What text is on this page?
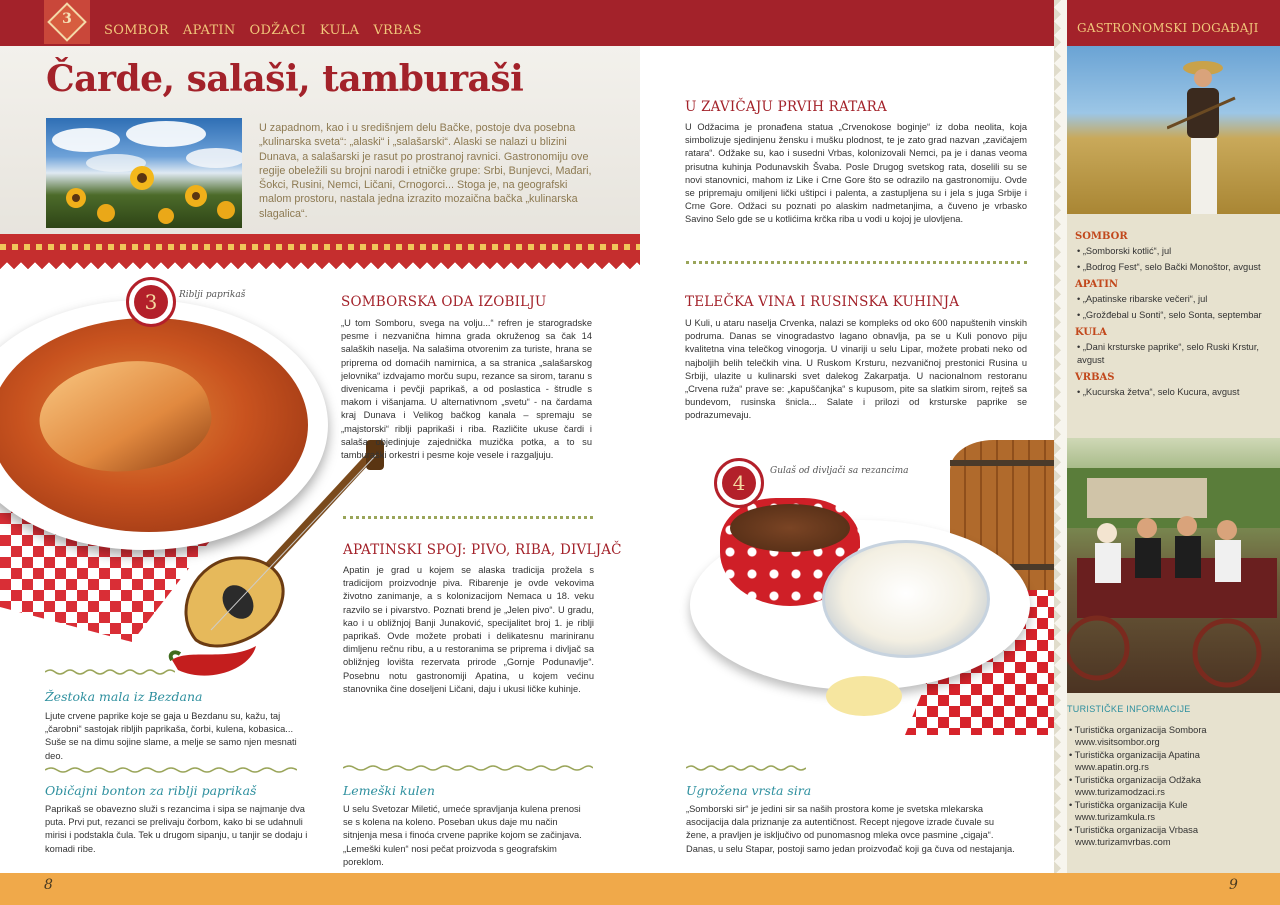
3
SOMBOR APATIN ODŽACI KULA VRBAS
Čarde, salaši, tamburaši

U zapadnom, kao i u središnjem delu Bačke, postoje dva posebna „kulinarska sveta“: „alaski“ i „salašarski“. Alaski se nalazi u blizini Dunava, a salašarski je rasut po prostranoj ravnici. Gastronomiju ove regije obeležili su brojni narodi i etničke grupe: Srbi, Bunjevci, Mađari, Šokci, Rusini, Nemci, Ličani, Crnogorci... Stoga je, na geografski malom prostoru, nastala jedna izrazito mozaična bačka „kulinarska slagalica“.

3	Riblji paprikaš
Žestoka mala iz Bezdana

Ljute crvene paprike koje se gaja u Bezdanu su, kažu, taj „čarobni“ sastojak ribljih paprikaša, čorbi, kulena, kobasica... Suše se na dimu sojine slame, a melje se samo njen mesnati deo.

Običajni bonton za riblji paprikaš

Paprikaš se obavezno služi s rezancima i sipa se najmanje dva puta. Prvi put, rezanci se prelivaju čorbom, kako bi se udahnuli mirisi i podstakla čula. Tek u drugom sipanju, u tanjir se dodaju i komadi ribe.

SOMBORSKA ODA IZOBILJU

„U tom Somboru, svega na volju...“ refren je starogradske pesme i nezvanična himna grada okruženog sa čak 14 salaških naselja. Na salašima otvorenim za turiste, hrana se priprema od domaćih namirnica, a sa stranica „salašarskog jelovnika“ izdvajamo morču supu, rezance sa sirom, taranu s divenicama i pevčji paprikaš, a od poslastica - štrudle s makom i višanjama. U alternativnom „svetu“ - na čardama kraj Dunava i Velikog bačkog kanala – spremaju se „majstorski“ riblji paprikaši i riba. Različite ukuse čardi i salaša objedinjuje zajednička muzička potka, a to su tamburaški orkestri i pesme koje vesele i razgaljuju.

APATINSKI SPOJ: PIVO, RIBA, DIVLJAČ

Apatin je grad u kojem se alaska tradicija prožela s tradicijom proizvodnje piva. Ribarenje je ovde vekovima životno zanimanje, a s kolonizacijom Nemaca u 18. veku razvilo se i pivarstvo. Poznati brend je „Jelen pivo“. U gradu, kao i u obližnjoj Banji Junaković, specijalitet broj 1. je riblji paprikaš. Ovde možete probati i delikatesnu mariniranu dimljenu rečnu ribu, a u restoranima se priprema i divljač sa obližnjeg lovišta rezervata prirode „Gornje Podunavlje“. Posebnu notu gastronomiji Apatina, u kojem većinu stanovnika čine doseljeni Ličani, daju i ukusi ličke kuhinje.

Lemeški kulen

U selu Svetozar Miletić, umeće spravljanja kulena prenosi se s kolena na koleno. Poseban ukus daje mu način sitnjenja mesa i finoća crvene paprike kojom se začinjava. „Lemeški kulen“ nosi pečat proizvoda s geografskim poreklom.

U ZAVIČAJU PRVIH RATARA

U Odžacima je pronađena statua „Crvenokose boginje“ iz doba neolita, koja simbolizuje sjedinjenu žensku i mušku plodnost, te je zato grad nazvan „zavičajem ratara“. Odžake su, kao i susedni Vrbas, kolonizovali Nemci, pa je i danas veoma prisutna kuhinja Podunavskih Švaba. Posle Drugog svetskog rata, doselili su se novi stanovnici, mahom iz Like i Crne Gore što se odrazilo na gastronomiju. Ovde se pripremaju omiljeni lički uštipci i palenta, a zastupljena su i jela s juga Srbije i Crne Gore. Odžaci su poznati po alaskim nadmetanjima, a čuveno je vrbasko Savino Selo gde se u kotlićima krčka riba u vodi u kojoj je ulovljena.

TELEČKA VINA I RUSINSKA KUHINJA

U Kuli, u ataru naselja Crvenka, nalazi se kompleks od oko 600 napuštenih vinskih podruma. Danas se vinogradastvo lagano obnavlja, pa se u Kuli ponovo piju kvalitetna vina telečkog vinogorja. U vinariji u selu Lipar, možete probati neko od najboljih belih telečkih vina. U Ruskom Krsturu, nezvaničnoj prestonici Rusina u Srbiji, ulazite u kulinarski svet dalekog Zakarpatja. U nacionalnom restoranu „Crvena ruža“ prave se: „kapuščanjka“ s kupusom, pite sa slatkim sirom, rejteš sa bundevom, rusinska šnicla... Salate i prilozi od krsturske paprike se podrazumevaju.

4	Gulaš od divljači sa rezancima
Ugrožena vrsta sira

„Somborski sir“ je jedini sir sa naših prostora kome je svetska mlekarska asocijacija dala priznanje za autentičnost. Recept njegove izrade čuvale su žene, a pravljen je isključivo od punomasnog mleka ovce pasmine „cigaja“. Danas, u selu Stapar, postoji samo jedan proizvođač koji ga čuva od nestajanja.

GASTRONOMSKI DOGAĐAJI
SOMBOR
• „Somborski kotlić“, jul
• „Bodrog Fest“, selo Bački Monoštor, avgust
APATIN
• „Apatinske ribarske večeri“, jul
• „Grožđebal u Sonti“, selo Sonta, septembar
KULA
• „Dani krsturske paprike“, selo Ruski Krstur, avgust
VRBAS
• „Kucurska žetva“, selo Kucura, avgust
TURISTIČKE INFORMACIJE
• Turistička organizacija Sombora
www.visitsombor.org
• Turistička organizacija Apatina
www.apatin.org.rs
• Turistička organizacija Odžaka
www.turizamodzaci.rs
• Turistička organizacija Kule
www.turizamkula.rs
• Turistička organizacija Vrbasa
www.turizamvrbas.com
8	9
